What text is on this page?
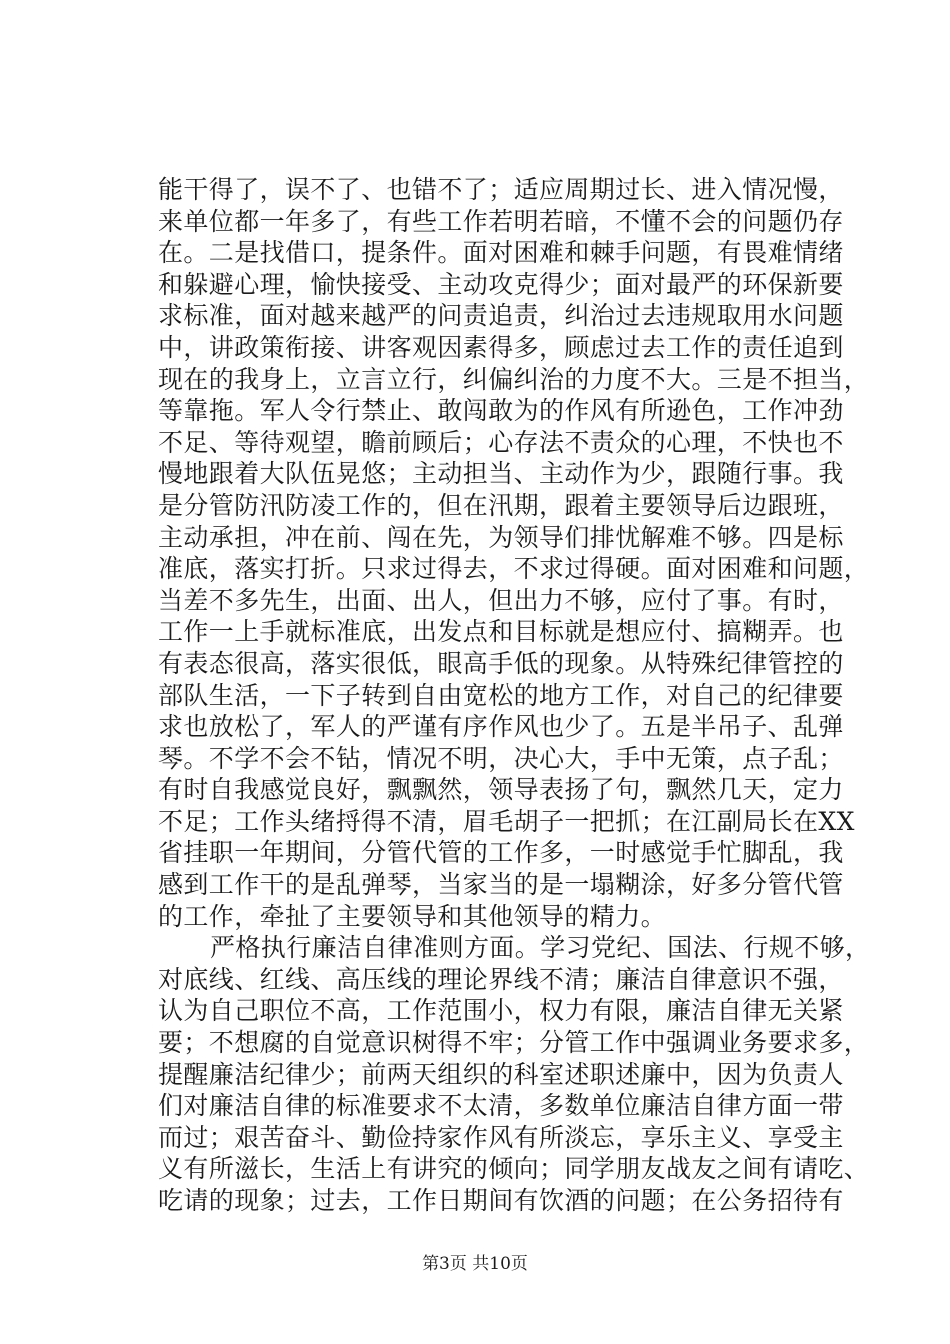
能干得了，误不了、也错不了；适应周期过长、进入情况慢，
来单位都一年多了，有些工作若明若暗，不懂不会的问题仍存
在。二是找借口，提条件。面对困难和棘手问题，有畏难情绪
和躲避心理，愉快接受、主动攻克得少；面对最严的环保新要
求标准，面对越来越严的问责追责，纠治过去违规取用水问题
中，讲政策衔接、讲客观因素得多，顾虑过去工作的责任追到
现在的我身上，立言立行，纠偏纠治的力度不大。三是不担当，
等靠拖。军人令行禁止、敢闯敢为的作风有所逊色，工作冲劲
不足、等待观望，瞻前顾后；心存法不责众的心理，不快也不
慢地跟着大队伍晃悠；主动担当、主动作为少，跟随行事。我
是分管防汛防凌工作的，但在汛期，跟着主要领导后边跟班，
主动承担，冲在前、闯在先，为领导们排忧解难不够。四是标
准底，落实打折。只求过得去，不求过得硬。面对困难和问题，
当差不多先生，出面、出人，但出力不够，应付了事。有时，
工作一上手就标准底，出发点和目标就是想应付、搞糊弄。也
有表态很高，落实很低，眼高手低的现象。从特殊纪律管控的
部队生活，一下子转到自由宽松的地方工作，对自己的纪律要
求也放松了，军人的严谨有序作风也少了。五是半吊子、乱弹
琴。不学不会不钻，情况不明，决心大，手中无策，点子乱；
有时自我感觉良好，飘飘然，领导表扬了句，飘然几天，定力
不足；工作头绪捋得不清，眉毛胡子一把抓；在江副局长在XX
省挂职一年期间，分管代管的工作多，一时感觉手忙脚乱，我
感到工作干的是乱弹琴，当家当的是一塌糊涂，好多分管代管
的工作，牵扯了主要领导和其他领导的精力。
严格执行廉洁自律准则方面。学习党纪、国法、行规不够，
对底线、红线、高压线的理论界线不清；廉洁自律意识不强，
认为自己职位不高，工作范围小，权力有限，廉洁自律无关紧
要；不想腐的自觉意识树得不牢；分管工作中强调业务要求多，
提醒廉洁纪律少；前两天组织的科室述职述廉中，因为负责人
们对廉洁自律的标准要求不太清，多数单位廉洁自律方面一带
而过；艰苦奋斗、勤俭持家作风有所淡忘，享乐主义、享受主
义有所滋长，生活上有讲究的倾向；同学朋友战友之间有请吃、
吃请的现象；过去，工作日期间有饮酒的问题；在公务招待有
第3页 共10页
